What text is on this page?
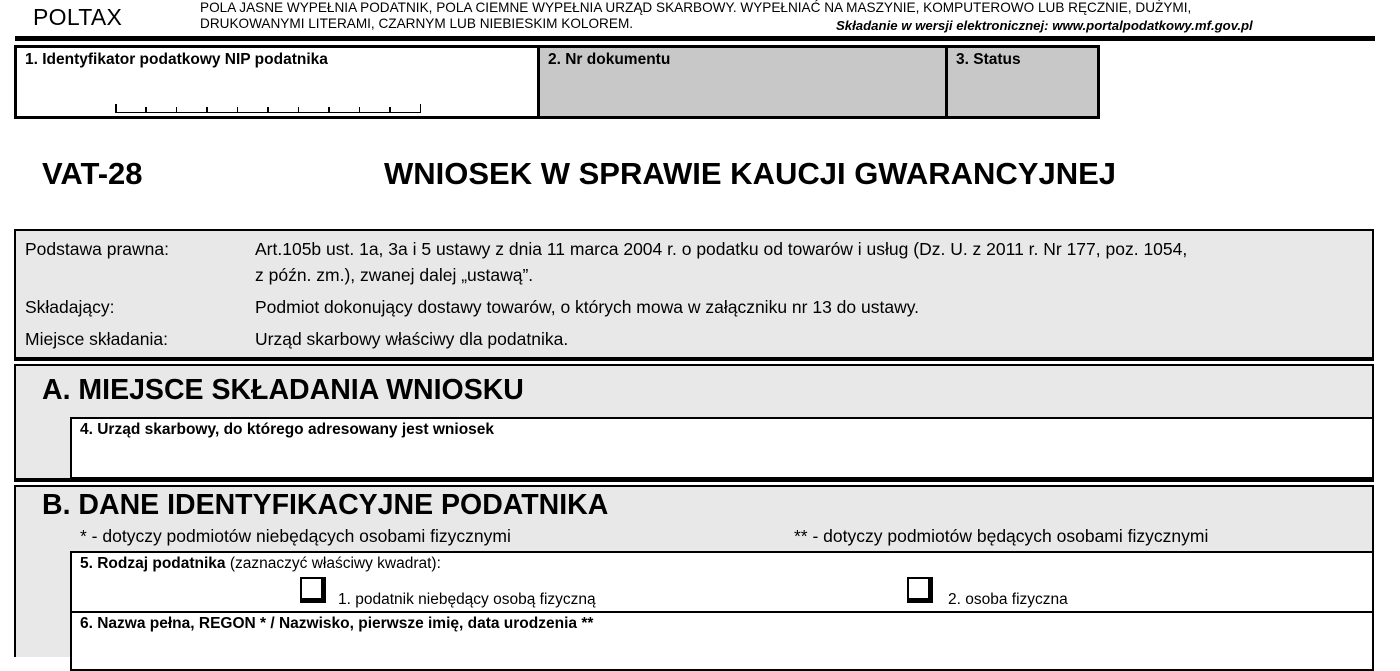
POLTAX	POLA JASNE WYPEŁNIA PODATNIK, POLA CIEMNE WYPEŁNIA URZĄD SKARBOWY. WYPEŁNIAĆ NA MASZYNIE, KOMPUTEROWO LUB RĘCZNIE, DUŻYMI,
DRUKOWANYMI LITERAMI, CZARNYM LUB NIEBIESKIM KOLOREM.	Składanie w wersji elektronicznej: www.portalpodatkowy.mf.gov.pl
1. Identyfikator podatkowy NIP podatnika	2. Nr dokumentu	3. Status
VAT-28	WNIOSEK W SPRAWIE KAUCJI GWARANCYJNEJ
Podstawa prawna:	Art.105b ust. 1a, 3a i 5 ustawy z dnia 11 marca 2004 r. o podatku od towarów i usług (Dz. U. z 2011 r. Nr 177, poz. 1054,
z późn. zm.), zwanej dalej „ustawą”.
Składający:	Podmiot dokonujący dostawy towarów, o których mowa w załączniku nr 13 do ustawy.
Miejsce składania:	Urząd skarbowy właściwy dla podatnika.
A. MIEJSCE SKŁADANIA WNIOSKU
4. Urząd skarbowy, do którego adresowany jest wniosek
B. DANE IDENTYFIKACYJNE PODATNIKA
* - dotyczy podmiotów niebędących osobami fizycznymi	** - dotyczy podmiotów będących osobami fizycznymi
5. Rodzaj podatnika (zaznaczyć właściwy kwadrat):
1. podatnik niebędący osobą fizyczną	2. osoba fizyczna
6. Nazwa pełna, REGON * / Nazwisko, pierwsze imię, data urodzenia **
